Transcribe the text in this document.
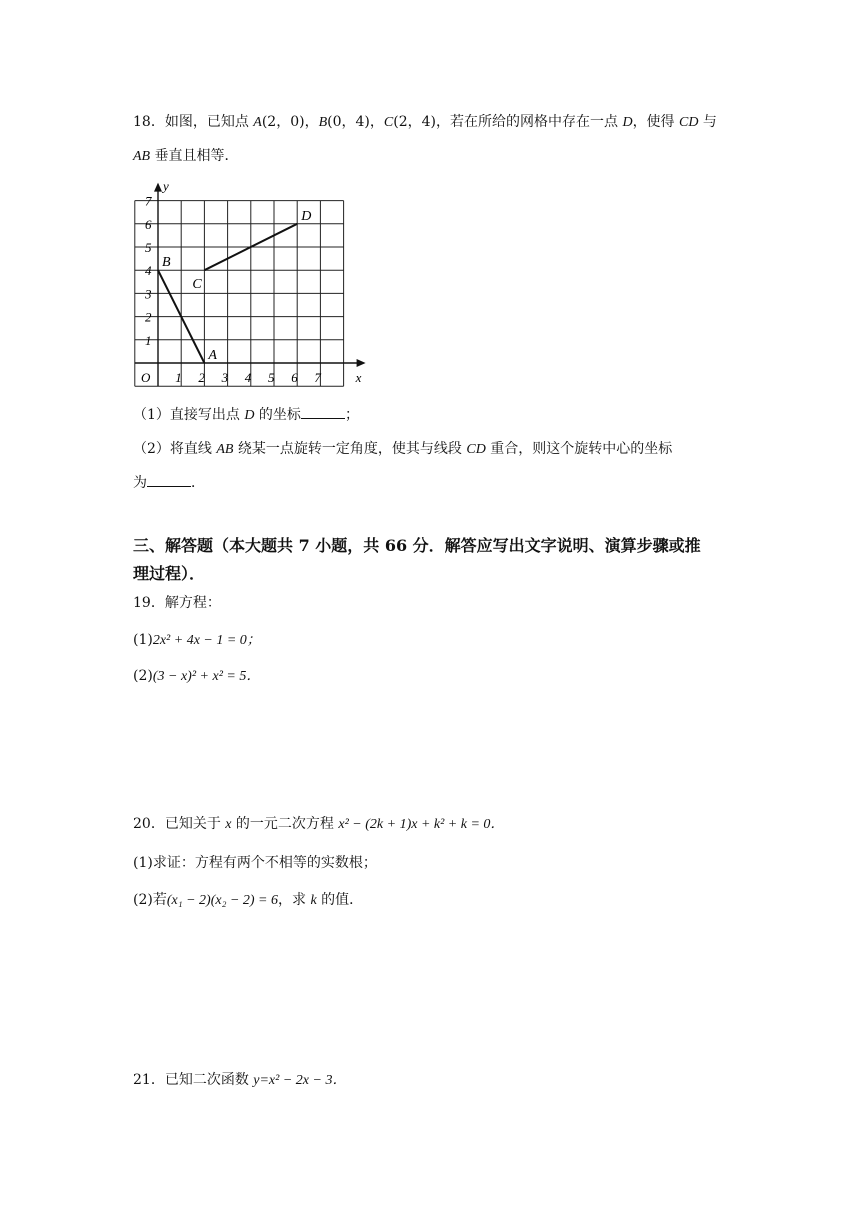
18．如图，已知点 A(2，0)，B(0，4)，C(2，4)，若在所给的网格中存在一点 D，使得 CD 与
AB 垂直且相等．
1 2 3 4 5 6 7
1
2
3
4
5
6
7
O	x
y
A
B
C
D
（1）直接写出点 D 的坐标	；
（2）将直线 AB 绕某一点旋转一定角度，使其与线段 CD 重合，则这个旋转中心的坐标
为	．
三、解答题（本大题共 7 小题，共 66 分．解答应写出文字说明、演算步骤或推
理过程）．
19．解方程：
(1)2x² + 4x − 1 = 0；
(2)(3 − x)² + x² = 5．
20．已知关于 x 的一元二次方程 x² − (2k + 1)x + k² + k = 0．
(1)求证：方程有两个不相等的实数根；
(2)若(x₁ − 2)(x₂ − 2) = 6，求 k 的值．
21．已知二次函数 y=x² − 2x − 3．
